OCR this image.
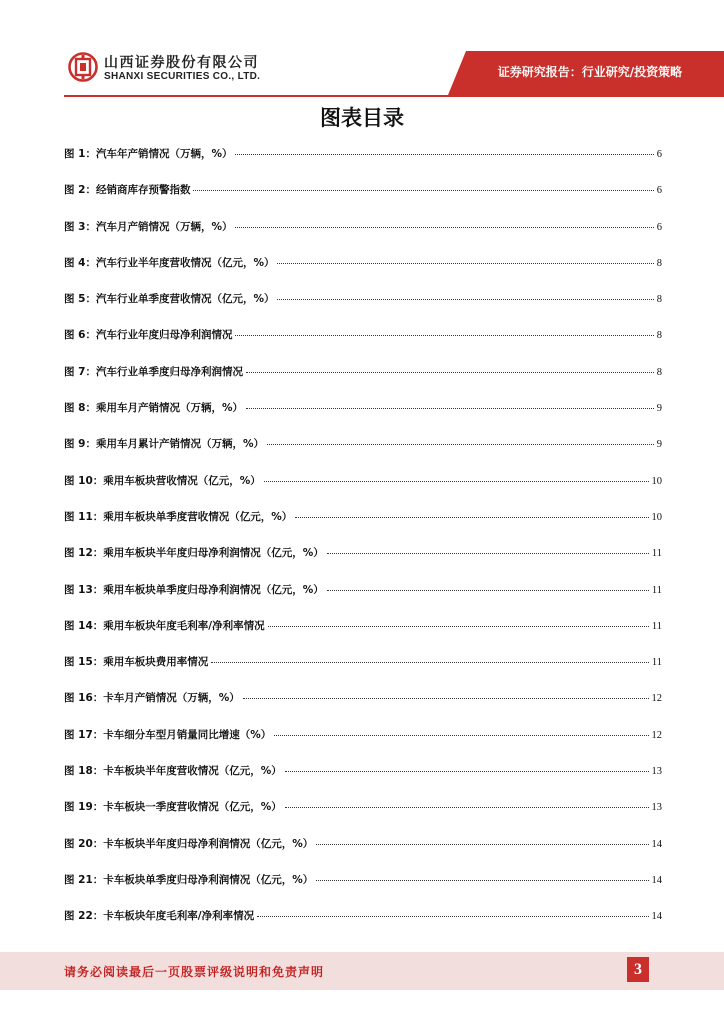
山西证券股份有限公司
SHANXI SECURITIES CO., LTD.	证券研究报告：行业研究/投资策略
图表目录
图 1：汽车年产销情况（万辆，%）	6
图 2：经销商库存预警指数	6
图 3：汽车月产销情况（万辆，%）	6
图 4：汽车行业半年度营收情况（亿元，%）	8
图 5：汽车行业单季度营收情况（亿元，%）	8
图 6：汽车行业年度归母净利润情况	8
图 7：汽车行业单季度归母净利润情况	8
图 8：乘用车月产销情况（万辆，%）	9
图 9：乘用车月累计产销情况（万辆，%）	9
图 10：乘用车板块营收情况（亿元，%）	10
图 11：乘用车板块单季度营收情况（亿元，%）	10
图 12：乘用车板块半年度归母净利润情况（亿元，%）	11
图 13：乘用车板块单季度归母净利润情况（亿元，%）	11
图 14：乘用车板块年度毛利率/净利率情况	11
图 15：乘用车板块费用率情况	11
图 16：卡车月产销情况（万辆，%）	12
图 17：卡车细分车型月销量同比增速（%）	12
图 18：卡车板块半年度营收情况（亿元，%）	13
图 19：卡车板块一季度营收情况（亿元，%）	13
图 20：卡车板块半年度归母净利润情况（亿元，%）	14
图 21：卡车板块单季度归母净利润情况（亿元，%）	14
图 22：卡车板块年度毛利率/净利率情况	14
请务必阅读最后一页股票评级说明和免责声明	3
